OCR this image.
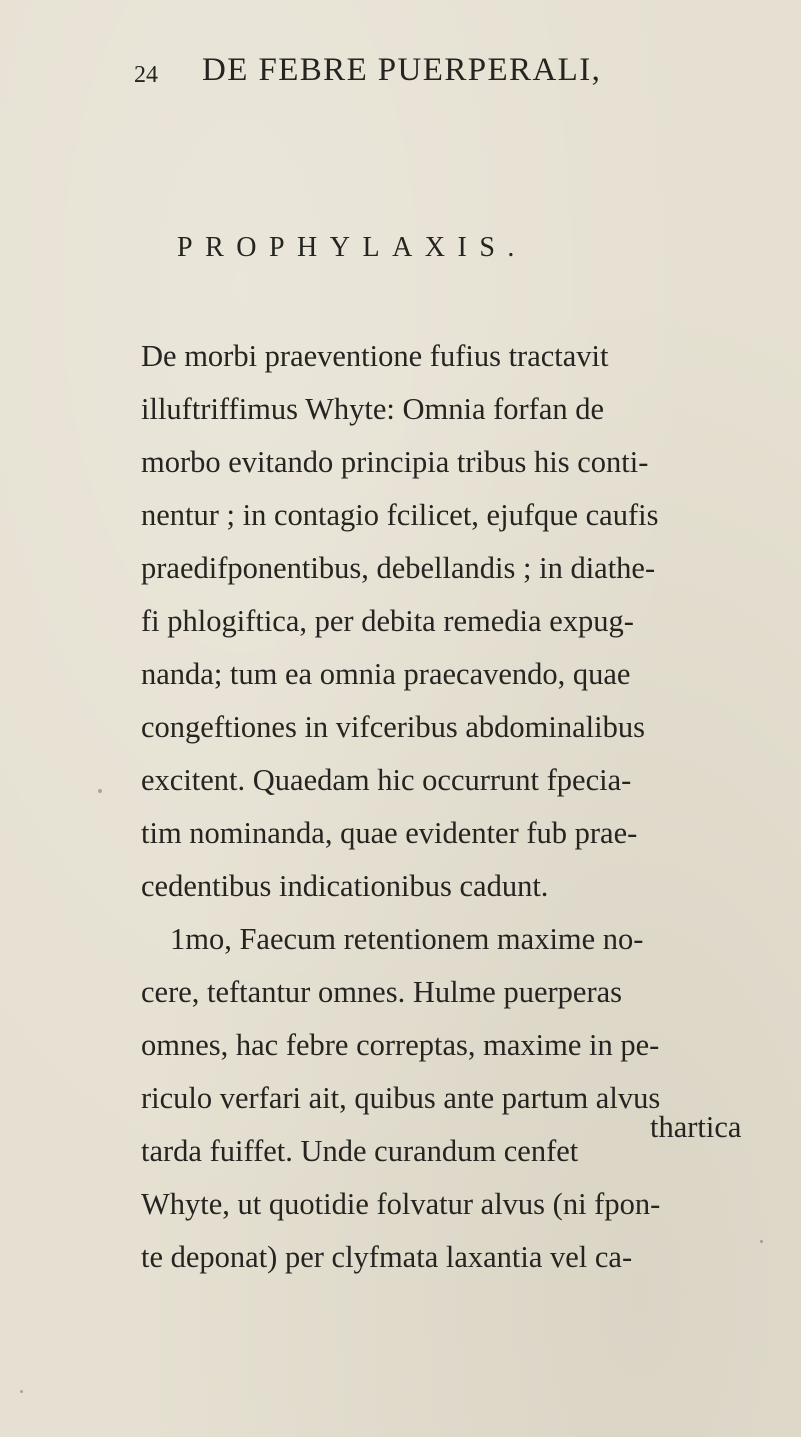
24 DE FEBRE PUERPERALI,
PROPHYLAXIS.
De morbi praeventione fufius tractavit
illuftriffimus Whyte: Omnia forfan de
morbo evitando principia tribus his conti-
nentur ; in contagio fcilicet, ejufque caufis
praedifponentibus, debellandis ; in diathe-
fi phlogiftica, per debita remedia expug-
nanda; tum ea omnia praecavendo, quae
congeftiones in vifceribus abdominalibus
excitent. Quaedam hic occurrunt fpecia-
tim nominanda, quae evidenter fub prae-
cedentibus indicationibus cadunt.
1mo, Faecum retentionem maxime no-
cere, teftantur omnes. Hulme puerperas
omnes, hac febre correptas, maxime in pe-
riculo verfari ait, quibus ante partum alvus
tarda fuiffet. Unde curandum cenfet
Whyte, ut quotidie folvatur alvus (ni fpon-
te deponat) per clyfmata laxantia vel ca-
thartica
